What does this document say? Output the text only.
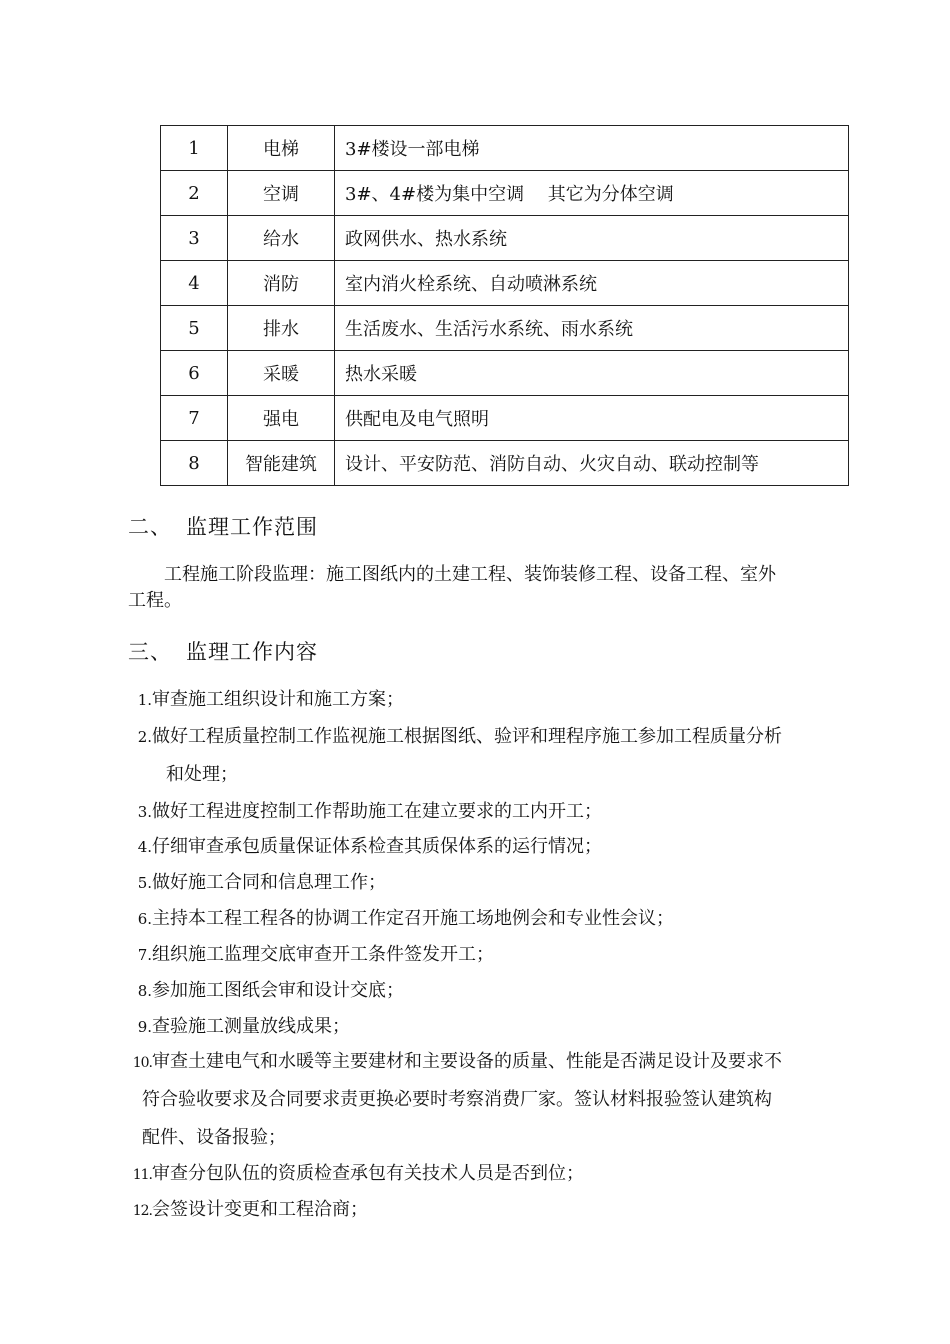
1	电梯	3#楼设一部电梯
2	空调	3#、4#楼为集中空调　 其它为分体空调
3	给水	政网供水、热水系统
4	消防	室内消火栓系统、自动喷淋系统
5	排水	生活废水、生活污水系统、雨水系统
6	采暖	热水采暖
7	强电	供配电及电气照明
8	智能建筑	设计、平安防范、消防自动、火灾自动、联动控制等
二、 监理工作范围
工程施工阶段监理：施工图纸内的土建工程、装饰装修工程、设备工程、室外
工程。
三、 监理工作内容
1.审查施工组织设计和施工方案；
2.做好工程质量控制工作监视施工根据图纸、验评和理程序施工参加工程质量分析
和处理；
3.做好工程进度控制工作帮助施工在建立要求的工内开工；
4.仔细审查承包质量保证体系检查其质保体系的运行情况；
5.做好施工合同和信息理工作；
6.主持本工程工程各的协调工作定召开施工场地例会和专业性会议；
7.组织施工监理交底审查开工条件签发开工；
8.参加施工图纸会审和设计交底；
9.查验施工测量放线成果；
10.审查土建电气和水暖等主要建材和主要设备的质量、性能是否满足设计及要求不
符合验收要求及合同要求责更换必要时考察消费厂家。签认材料报验签认建筑构
配件、设备报验；
11.审查分包队伍的资质检查承包有关技术人员是否到位；
12.会签设计变更和工程洽商；
